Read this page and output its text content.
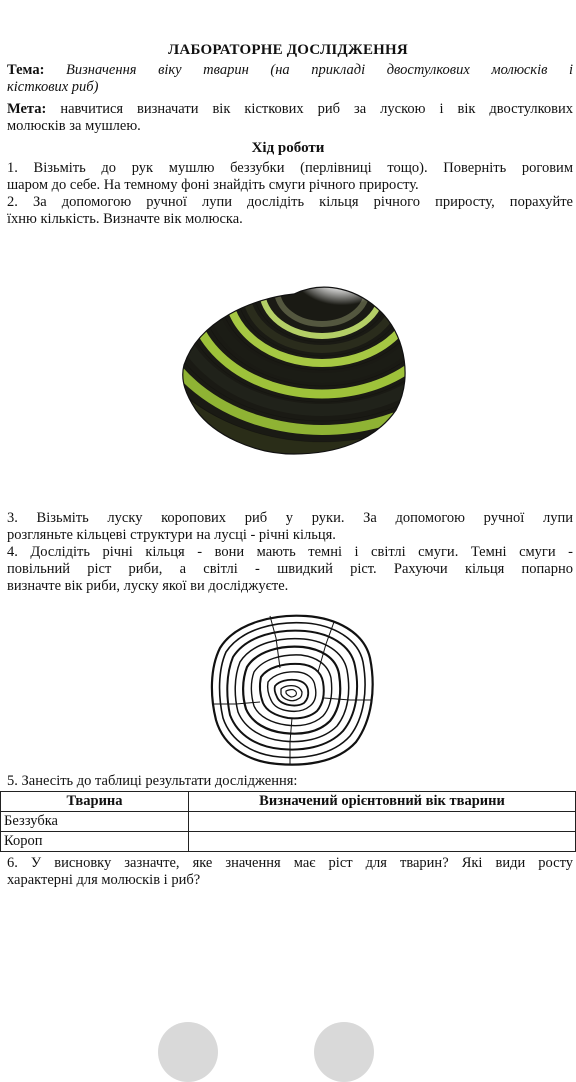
ЛАБОРАТОРНЕ ДОСЛІДЖЕННЯ
Тема: Визначення віку тварин (на прикладі двостулкових молюсків і
кісткових риб)
Мета: навчитися визначати вік кісткових риб за лускою і вік двостулкових
молюсків за мушлею.
Хід роботи
1. Візьміть до рук мушлю беззубки (перлівниці тощо). Поверніть роговим
шаром до себе. На темному фоні знайдіть смуги річного приросту.
2. За допомогою ручної лупи дослідіть кільця річного приросту, порахуйте
їхню кількість. Визначте вік молюска.
3. Візьміть луску коропових риб у руки. За допомогою ручної лупи
розгляньте кільцеві структури на лусці - річні кільця.
4. Дослідіть річні кільця - вони мають темні і світлі смуги. Темні смуги -
повільний ріст риби, а світлі - швидкий ріст. Рахуючи кільця попарно
визначте вік риби, луску якої ви досліджуєте.
5. Занесіть до таблиці результати дослідження:
Тварина	Визначений орієнтовний вік тварини
Беззубка	
Короп	
6. У висновку зазначте, яке значення має ріст для тварин? Які види росту
характерні для молюсків і риб?
